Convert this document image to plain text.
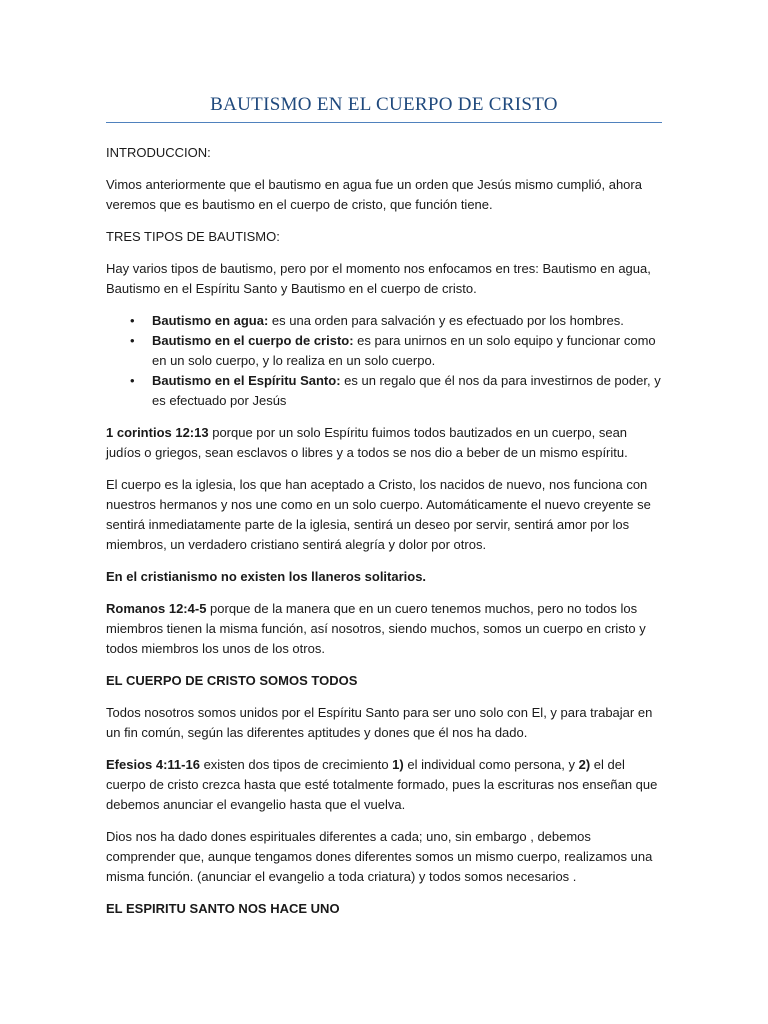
BAUTISMO EN EL CUERPO DE CRISTO

INTRODUCCION:

Vimos anteriormente que el bautismo en agua fue un orden que Jesús mismo cumplió, ahora veremos que es bautismo en el cuerpo de cristo, que función tiene.

TRES TIPOS DE BAUTISMO:

Hay varios tipos de bautismo, pero por el momento nos enfocamos en tres: Bautismo en agua, Bautismo en el Espíritu Santo y Bautismo en el cuerpo de cristo.

• Bautismo en agua: es una orden para salvación y es efectuado por los hombres.
• Bautismo en el cuerpo de cristo: es para unirnos en un solo equipo y funcionar como en un solo cuerpo, y lo realiza en un solo cuerpo.
• Bautismo en el Espíritu Santo: es un regalo que él nos da para investirnos de poder, y es efectuado por Jesús

1 corintios 12:13 porque por un solo Espíritu fuimos todos bautizados en un cuerpo, sean judíos o griegos, sean esclavos o libres y a todos se nos dio a beber de un mismo espíritu.

El cuerpo es la iglesia, los que han aceptado a Cristo, los nacidos de nuevo, nos funciona con nuestros hermanos y nos une como en un solo cuerpo. Automáticamente el nuevo creyente se sentirá inmediatamente parte de la iglesia, sentirá un deseo por servir, sentirá amor por los miembros, un verdadero cristiano sentirá alegría y dolor por otros.

En el cristianismo no existen los llaneros solitarios.

Romanos 12:4-5 porque de la manera que en un cuero tenemos muchos, pero no todos los miembros tienen la misma función, así nosotros, siendo muchos, somos un cuerpo en cristo y todos miembros los unos de los otros.

EL CUERPO DE CRISTO SOMOS TODOS

Todos nosotros somos unidos por el Espíritu Santo para ser uno solo con El, y para trabajar en un fin común, según las diferentes aptitudes y dones que él nos ha dado.

Efesios 4:11-16 existen dos tipos de crecimiento 1) el individual como persona, y 2) el del cuerpo de cristo crezca hasta que esté totalmente formado, pues la escrituras nos enseñan que debemos anunciar el evangelio hasta que el vuelva.

Dios nos ha dado dones espirituales diferentes a cada; uno, sin embargo , debemos comprender que, aunque tengamos dones diferentes somos un mismo cuerpo, realizamos una misma función. (anunciar el evangelio a toda criatura) y todos somos necesarios .

EL ESPIRITU SANTO NOS HACE UNO
